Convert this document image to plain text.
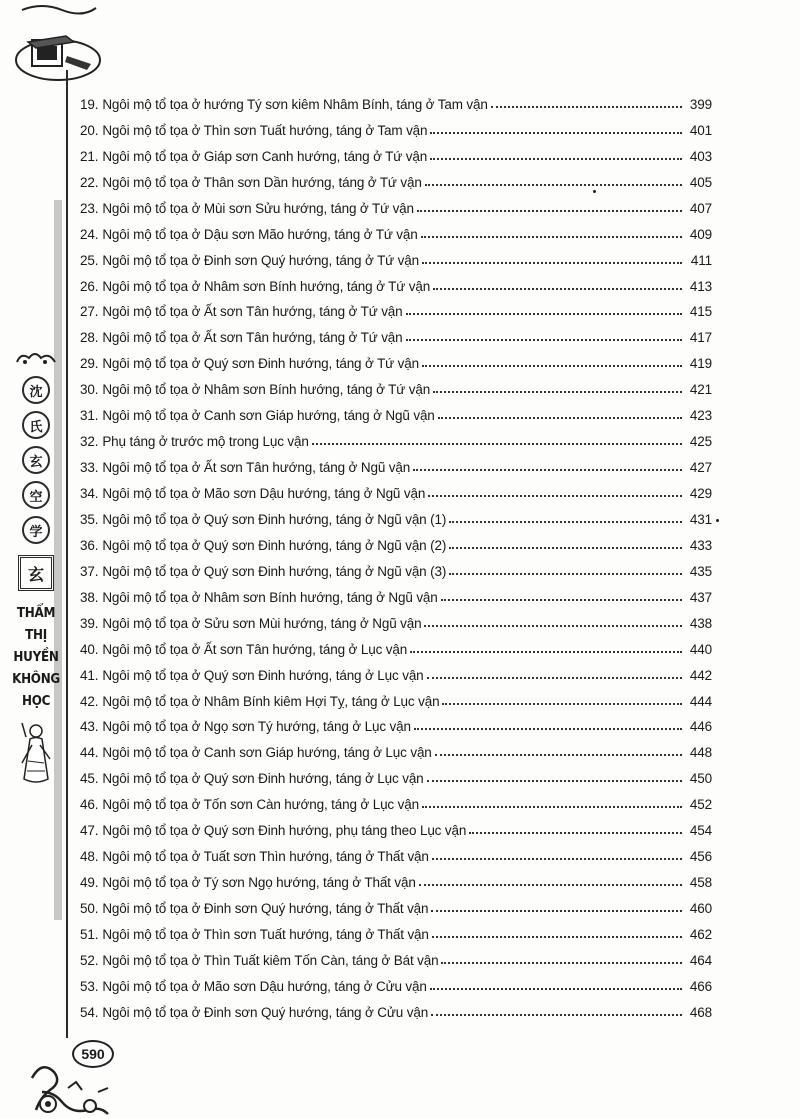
沈
氏
玄
空
学
玄
THẨM
THỊ
HUYỀN
KHÔNG
HỌC
19. Ngôi mộ tổ tọa ở hướng Tý sơn kiêm Nhâm Bính, táng ở Tam vận	399
20. Ngôi mộ tổ tọa ở Thìn sơn Tuất hướng, táng ở Tam vận	401
21. Ngôi mộ tổ tọa ở Giáp sơn Canh hướng, táng ở Tứ vận	403
22. Ngôi mộ tổ tọa ở Thân sơn Dần hướng, táng ở Tứ vận	405
23. Ngôi mộ tổ tọa ở Mùi sơn Sửu hướng, táng ở Tứ vận	407
24. Ngôi mộ tổ tọa ở Dậu sơn Mão hướng, táng ở Tứ vận	409
25. Ngôi mộ tổ tọa ở Đinh sơn Quý hướng, táng ở Tứ vận	411
26. Ngôi mộ tổ tọa ở Nhâm sơn Bính hướng, táng ở Tứ vận	413
27. Ngôi mộ tổ tọa ở Ất sơn Tân hướng, táng ở Tứ vận	415
28. Ngôi mộ tổ tọa ở Ất sơn Tân hướng, táng ở Tứ vận	417
29. Ngôi mộ tổ tọa ở Quý sơn Đinh hướng, táng ở Tứ vận	419
30. Ngôi mộ tổ tọa ở Nhâm sơn Bính hướng, táng ở Tứ vận	421
31. Ngôi mộ tổ tọa ở Canh sơn Giáp hướng, táng ở Ngũ vận	423
32. Phụ táng ở trước mộ trong Lục vận	425
33. Ngôi mộ tổ tọa ở Ất sơn Tân hướng, táng ở Ngũ vận	427
34. Ngôi mộ tổ tọa ở Mão sơn Dậu hướng, táng ở Ngũ vận	429
35. Ngôi mộ tổ tọa ở Quý sơn Đinh hướng, táng ở Ngũ vận (1)	431
36. Ngôi mộ tổ tọa ở Quý sơn Đinh hướng, táng ở Ngũ vận (2)	433
37. Ngôi mộ tổ tọa ở Quý sơn Đinh hướng, táng ở Ngũ vận (3)	435
38. Ngôi mộ tổ tọa ở Nhâm sơn Bính hướng, táng ở Ngũ vận	437
39. Ngôi mộ tổ tọa ở Sửu sơn Mùi hướng, táng ở Ngũ vận	438
40. Ngôi mộ tổ tọa ở Ất sơn Tân hướng, táng ở Lục vận	440
41. Ngôi mộ tổ tọa ở Quý sơn Đinh hướng, táng ở Lục vận	442
42. Ngôi mộ tổ tọa ở Nhâm Bính kiêm Hợi Tỵ, táng ở Lục vận	444
43. Ngôi mộ tổ tọa ở Ngọ sơn Tý hướng, táng ở Lục vận	446
44. Ngôi mộ tổ tọa ở Canh sơn Giáp hướng, táng ở Lục vận	448
45. Ngôi mộ tổ tọa ở Quý sơn Đinh hướng, táng ở Lục vận	450
46. Ngôi mộ tổ tọa ở Tốn sơn Càn hướng, táng ở Lục vận	452
47. Ngôi mộ tổ tọa ở Quý sơn Đinh hướng, phụ táng theo Lục vận	454
48. Ngôi mộ tổ tọa ở Tuất sơn Thìn hướng, táng ở Thất vận	456
49. Ngôi mộ tổ tọa ở Tý sơn Ngọ hướng, táng ở Thất vận	458
50. Ngôi mộ tổ tọa ở Đinh sơn Quý hướng, táng ở Thất vận	460
51. Ngôi mộ tổ tọa ở Thìn sơn Tuất hướng, táng ở Thất vận	462
52. Ngôi mộ tổ tọa ở Thìn Tuất kiêm Tốn Càn, táng ở Bát vận	464
53. Ngôi mộ tổ tọa ở Mão sơn Dậu hướng, táng ở Cửu vận	466
54. Ngôi mộ tổ tọa ở Đinh sơn Quý hướng, táng ở Cửu vận	468
590
